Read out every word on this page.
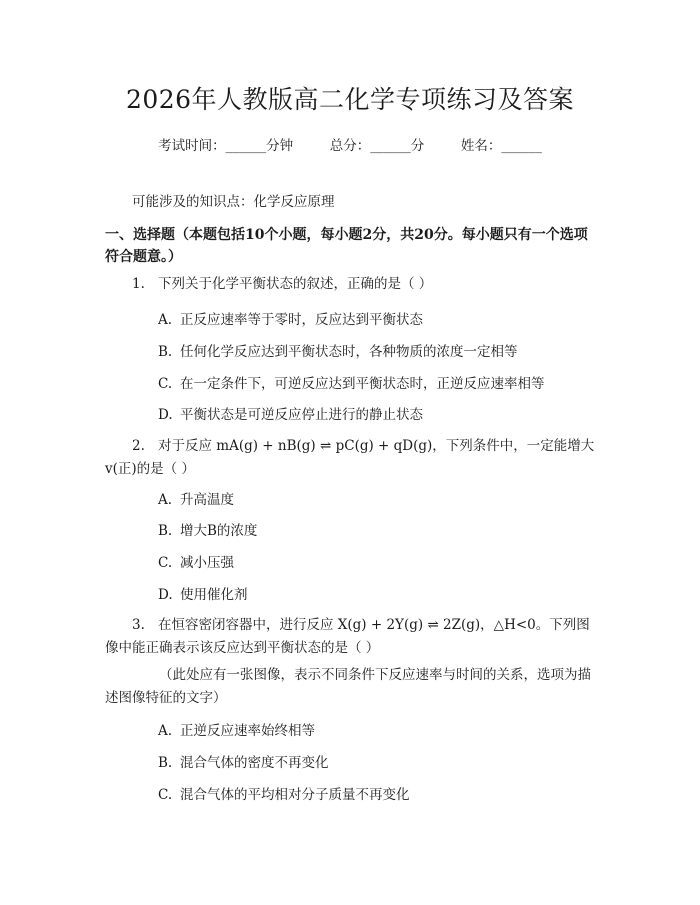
2026年人教版高二化学专项练习及答案
考试时间：______分钟	总分：______分	姓名：______
可能涉及的知识点：化学反应原理
一、选择题（本题包括10个小题，每小题2分，共20分。每小题只有一个选项符合题意。）
1. 下列关于化学平衡状态的叙述，正确的是（ ）
A. 正反应速率等于零时，反应达到平衡状态
B. 任何化学反应达到平衡状态时，各种物质的浓度一定相等
C. 在一定条件下，可逆反应达到平衡状态时，正逆反应速率相等
D. 平衡状态是可逆反应停止进行的静止状态
2. 对于反应 mA(g) + nB(g) ⇌ pC(g) + qD(g)，下列条件中，一定能增大v(正)的是（ ）
A. 升高温度
B. 增大B的浓度
C. 减小压强
D. 使用催化剂
3. 在恒容密闭容器中，进行反应 X(g) + 2Y(g) ⇌ 2Z(g)，△H<0。下列图像中能正确表示该反应达到平衡状态的是（ ）
（此处应有一张图像，表示不同条件下反应速率与时间的关系，选项为描述图像特征的文字）
A. 正逆反应速率始终相等
B. 混合气体的密度不再变化
C. 混合气体的平均相对分子质量不再变化
